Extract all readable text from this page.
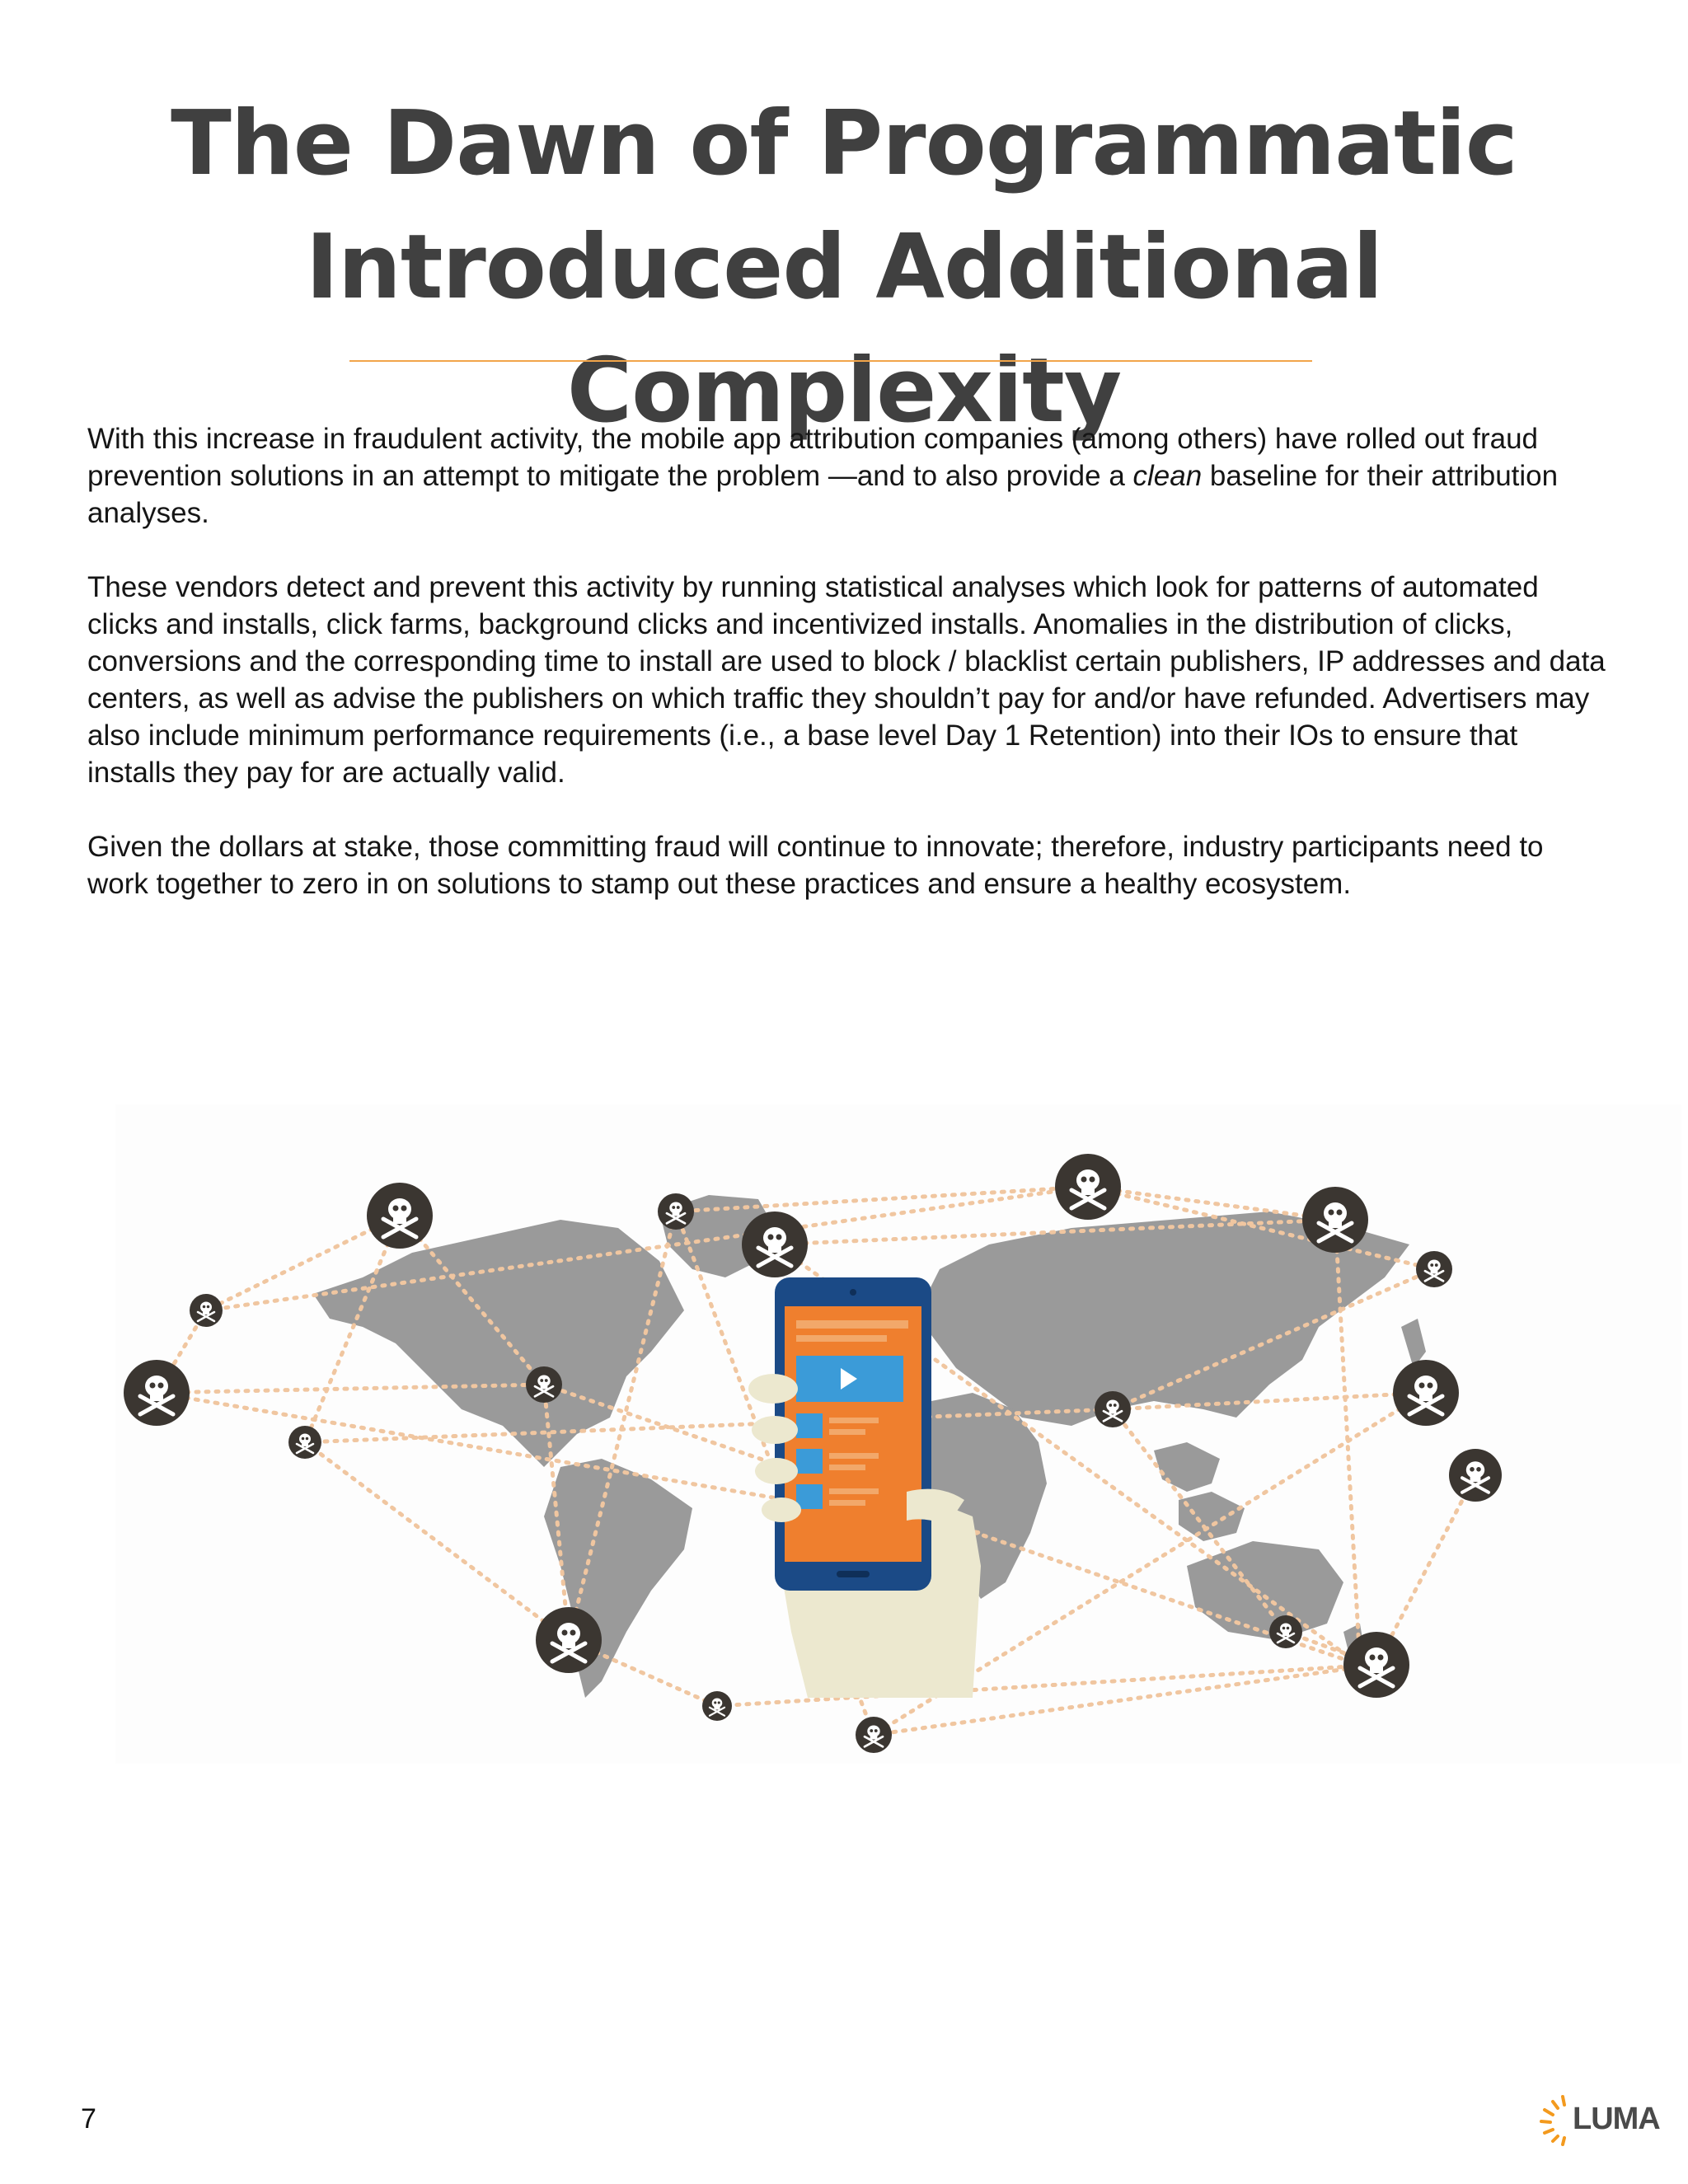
The Dawn of Programmatic
Introduced Additional Complexity

With this increase in fraudulent activity, the mobile app attribution companies (among others) have rolled out fraud prevention solutions in an attempt to mitigate the problem —and to also provide a clean baseline for their attribution analyses.

These vendors detect and prevent this activity by running statistical analyses which look for patterns of automated clicks and installs, click farms, background clicks and incentivized installs. Anomalies in the distribution of clicks, conversions and the corresponding time to install are used to block / blacklist certain publishers, IP addresses and data centers, as well as advise the publishers on which traffic they shouldn’t pay for and/or have refunded. Advertisers may also include minimum performance requirements (i.e., a base level Day 1 Retention) into their IOs to ensure that installs they pay for are actually valid.

Given the dollars at stake, those committing fraud will continue to innovate; therefore, industry participants need to work together to zero in on solutions to stamp out these practices and ensure a healthy ecosystem.

7	LUMA
